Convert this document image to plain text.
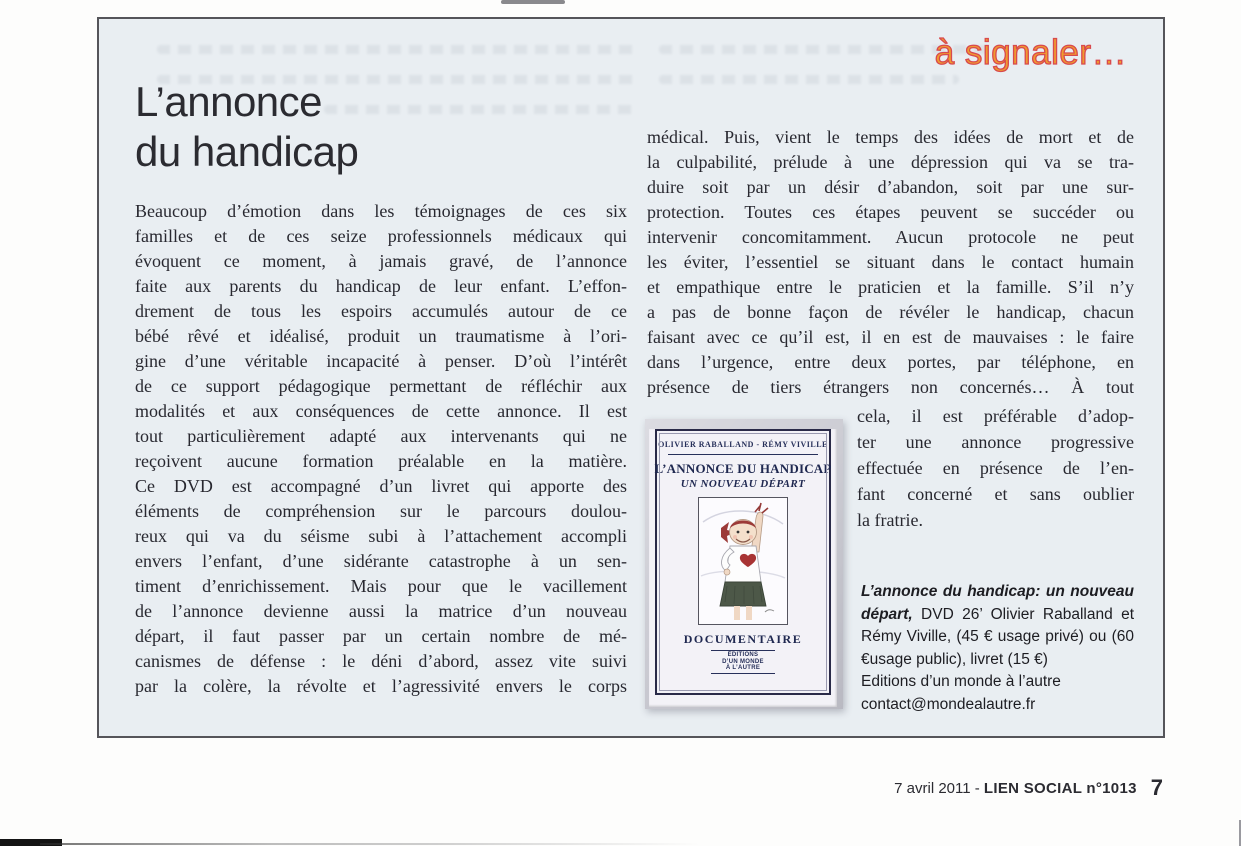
à signaler…
L’annonce
du handicap
Beaucoup d’émotion dans les témoignages de ces six
familles et de ces seize professionnels médicaux qui
évoquent ce moment, à jamais gravé, de l’annonce
faite aux parents du handicap de leur enfant. L’effon-
drement de tous les espoirs accumulés autour de ce
bébé rêvé et idéalisé, produit un traumatisme à l’ori-
gine d’une véritable incapacité à penser. D’où l’intérêt
de ce support pédagogique permettant de réfléchir aux
modalités et aux conséquences de cette annonce. Il est
tout particulièrement adapté aux intervenants qui ne
reçoivent aucune formation préalable en la matière.
Ce DVD est accompagné d’un livret qui apporte des
éléments de compréhension sur le parcours doulou-
reux qui va du séisme subi à l’attachement accompli
envers l’enfant, d’une sidérante catastrophe à un sen-
timent d’enrichissement. Mais pour que le vacillement
de l’annonce devienne aussi la matrice d’un nouveau
départ, il faut passer par un certain nombre de mé-
canismes de défense : le déni d’abord, assez vite suivi
par la colère, la révolte et l’agressivité envers le corps
médical. Puis, vient le temps des idées de mort et de
la culpabilité, prélude à une dépression qui va se tra-
duire soit par un désir d’abandon, soit par une sur-
protection. Toutes ces étapes peuvent se succéder ou
intervenir concomitamment. Aucun protocole ne peut
les éviter, l’essentiel se situant dans le contact humain
et empathique entre le praticien et la famille. S’il n’y
a pas de bonne façon de révéler le handicap, chacun
faisant avec ce qu’il est, il en est de mauvaises : le faire
dans l’urgence, entre deux portes, par téléphone, en
présence de tiers étrangers non concernés… À tout
cela, il est préférable d’adop-
ter une annonce progressive
effectuée en présence de l’en-
fant concerné et sans oublier
la fratrie.
OLIVIER RABALLAND - RÉMY VIVILLE
L’ANNONCE DU HANDICAP
UN NOUVEAU DÉPART
DOCUMENTAIRE
ÉDITIONS
D’UN MONDE
À L’AUTRE
L’annonce du handicap: un nouveau départ, DVD 26’ Olivier Raballand et Rémy Viville, (45 € usage privé) ou (60 €usage public), livret (15 €)
Editions d’un monde à l’autre
contact@mondealautre.fr
7 avril 2011 - LIEN SOCIAL n°1013 7
